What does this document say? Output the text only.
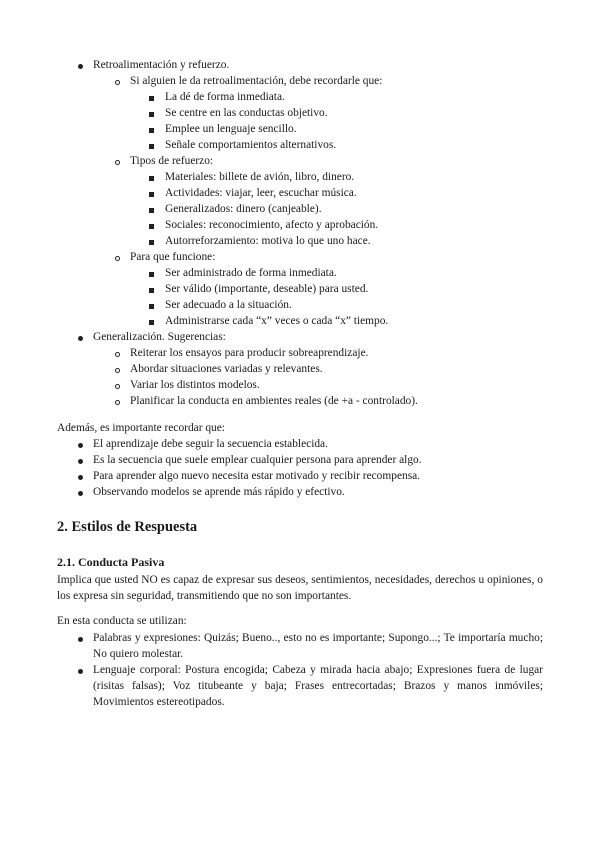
Retroalimentación y refuerzo.
Si alguien le da retroalimentación, debe recordarle que:
La dé de forma inmediata.
Se centre en las conductas objetivo.
Emplee un lenguaje sencillo.
Señale comportamientos alternativos.
Tipos de refuerzo:
Materiales: billete de avión, libro, dinero.
Actividades: viajar, leer, escuchar música.
Generalizados: dinero (canjeable).
Sociales: reconocimiento, afecto y aprobación.
Autorreforzamiento: motiva lo que uno hace.
Para que funcione:
Ser administrado de forma inmediata.
Ser válido (importante, deseable) para usted.
Ser adecuado a la situación.
Administrarse cada “x” veces o cada “x” tiempo.
Generalización. Sugerencias:
Reiterar los ensayos para producir sobreaprendizaje.
Abordar situaciones variadas y relevantes.
Variar los distintos modelos.
Planificar la conducta en ambientes reales (de +a - controlado).
Además, es importante recordar que:
El aprendizaje debe seguir la secuencia establecida.
Es la secuencia que suele emplear cualquier persona para aprender algo.
Para aprender algo nuevo necesita estar motivado y recibir recompensa.
Observando modelos se aprende más rápido y efectivo.
2. Estilos de Respuesta
2.1. Conducta Pasiva
Implica que usted NO es capaz de expresar sus deseos, sentimientos, necesidades, derechos u opiniones, o los expresa sin seguridad, transmitiendo que no son importantes.
En esta conducta se utilizan:
Palabras y expresiones: Quizás; Bueno.., esto no es importante; Supongo...; Te importaría mucho; No quiero molestar.
Lenguaje corporal: Postura encogida; Cabeza y mirada hacia abajo; Expresiones fuera de lugar (risitas falsas); Voz titubeante y baja; Frases entrecortadas; Brazos y manos inmóviles; Movimientos estereotipados.
